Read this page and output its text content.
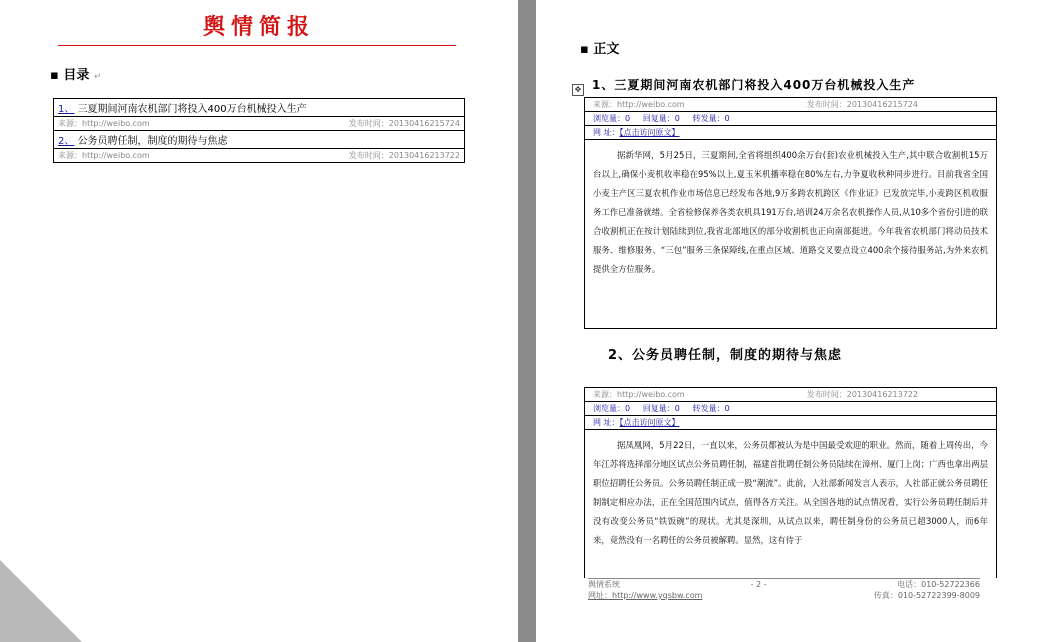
舆情简报
▪ 目录 ↵
1、 三夏期间河南农机部门将投入400万台机械投入生产

来源：http://weibo.com	发布时间：20130416215724

2、 公务员聘任制，制度的期待与焦虑

来源：http://weibo.com	发布时间：20130416213722
▪ 正文
✥ 1、三夏期间河南农机部门将投入400万台机械投入生产
来源：http://weibo.com	发布时间：20130416215724
浏览量：0 回复量：0 转发量：0
网 址：【点击访问原文】
据新华网，5月25日，三夏期间,全省将组织400余万台(套)农业机械投入生产,其中联合收割机15万台以上,确保小麦机收率稳在95%以上,夏玉米机播率稳在80%左右,力争夏收秋种同步进行。目前我省全国小麦主产区三夏农机作业市场信息已经发布各地,9万多跨农机跨区《作业证》已发放完毕,小麦跨区机收服务工作已准备就绪。全省检修保养各类农机具191万台,培训24万余名农机操作人员,从10多个省份引进的联合收割机正在按计划陆续到位,我省北部地区的部分收割机也正向南部挺进。今年我省农机部门将动员技术服务、维修服务、“三包”服务三条保障线,在重点区域、道路交叉要点设立400余个接待服务站,为外来农机提供全方位服务。
2、公务员聘任制，制度的期待与焦虑
来源：http://weibo.com	发布时间：20130416213722
浏览量：0 回复量：0 转发量：0
网 址：【点击访问原文】
据凤凰网，5月22日，一直以来，公务员都被认为是中国最受欢迎的职业。然而，随着上周传出，今年江苏将选择部分地区试点公务员聘任制，福建首批聘任制公务员陆续在漳州、厦门上岗；广西也拿出两层职位招聘任公务员。公务员聘任制正成一股“潮流”。此前，人社部新闻发言人表示，人社部正就公务员聘任制制定相应办法，正在全国范围内试点，值得各方关注。从全国各地的试点情况看，实行公务员聘任制后并没有改变公务员“铁饭碗”的现状。尤其是深圳，从试点以来，聘任制身份的公务员已超3000人，而6年来，竟然没有一名聘任的公务员被解聘。显然，这有待于
舆情系统	- 2 -	电话：010-52722366
网址：http://www.yqsbw.com	传真：010-52722399-8009
